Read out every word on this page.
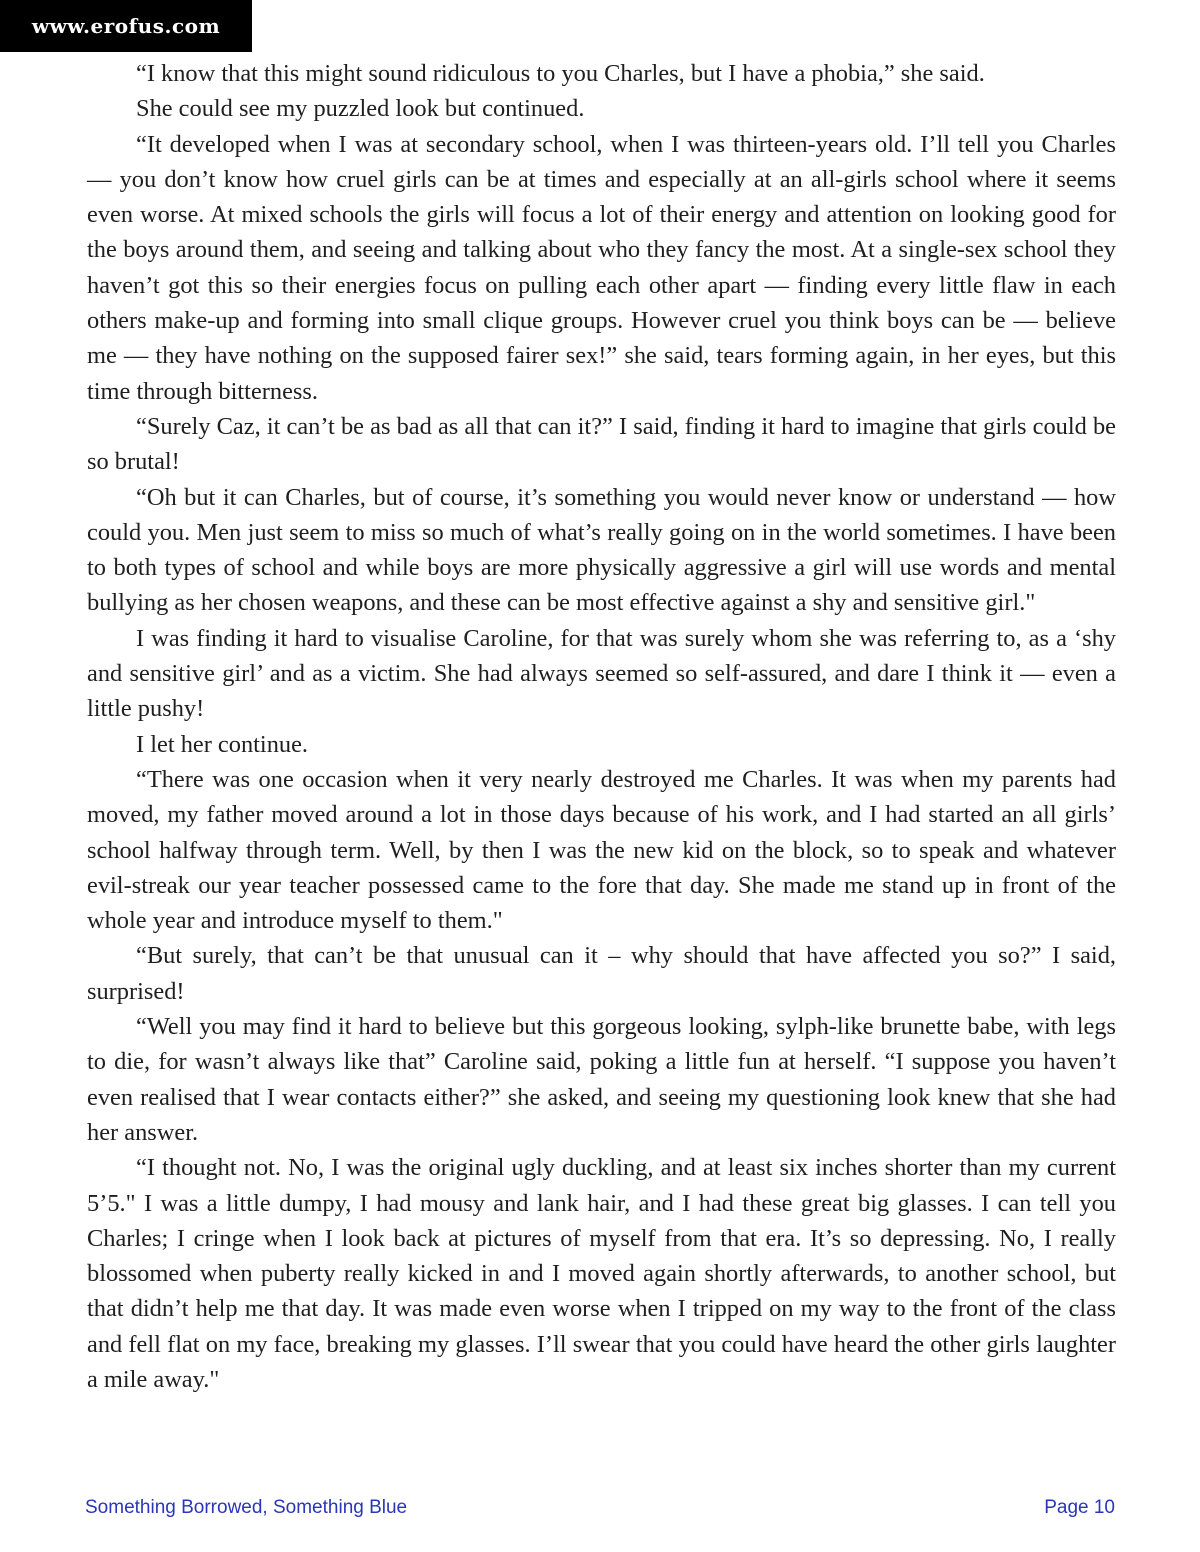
www.erofus.com

“I know that this might sound ridiculous to you Charles, but I have a phobia,” she said.

She could see my puzzled look but continued.

“It developed when I was at secondary school, when I was thirteen-years old. I’ll tell you Charles — you don’t know how cruel girls can be at times and especially at an all-girls school where it seems even worse. At mixed schools the girls will focus a lot of their energy and attention on looking good for the boys around them, and seeing and talking about who they fancy the most. At a single-sex school they haven’t got this so their energies focus on pulling each other apart — finding every little flaw in each others make-up and forming into small clique groups. However cruel you think boys can be — believe me — they have nothing on the supposed fairer sex!” she said, tears forming again, in her eyes, but this time through bitterness.

“Surely Caz, it can’t be as bad as all that can it?” I said, finding it hard to imagine that girls could be so brutal!

“Oh but it can Charles, but of course, it’s something you would never know or understand — how could you. Men just seem to miss so much of what’s really going on in the world sometimes. I have been to both types of school and while boys are more physically aggressive a girl will use words and mental bullying as her chosen weapons, and these can be most effective against a shy and sensitive girl."

I was finding it hard to visualise Caroline, for that was surely whom she was referring to, as a ‘shy and sensitive girl’ and as a victim. She had always seemed so self-assured, and dare I think it — even a little pushy!

I let her continue.

“There was one occasion when it very nearly destroyed me Charles. It was when my parents had moved, my father moved around a lot in those days because of his work, and I had started an all girls’ school halfway through term. Well, by then I was the new kid on the block, so to speak and whatever evil-streak our year teacher possessed came to the fore that day. She made me stand up in front of the whole year and introduce myself to them."

“But surely, that can’t be that unusual can it – why should that have affected you so?” I said, surprised!

“Well you may find it hard to believe but this gorgeous looking, sylph-like brunette babe, with legs to die, for wasn’t always like that” Caroline said, poking a little fun at herself. “I suppose you haven’t even realised that I wear contacts either?” she asked, and seeing my questioning look knew that she had her answer.

“I thought not. No, I was the original ugly duckling, and at least six inches shorter than my current 5’5." I was a little dumpy, I had mousy and lank hair, and I had these great big glasses. I can tell you Charles; I cringe when I look back at pictures of myself from that era. It’s so depressing. No, I really blossomed when puberty really kicked in and I moved again shortly afterwards, to another school, but that didn’t help me that day. It was made even worse when I tripped on my way to the front of the class and fell flat on my face, breaking my glasses. I’ll swear that you could have heard the other girls laughter a mile away."

Something Borrowed, Something Blue	Page 10
